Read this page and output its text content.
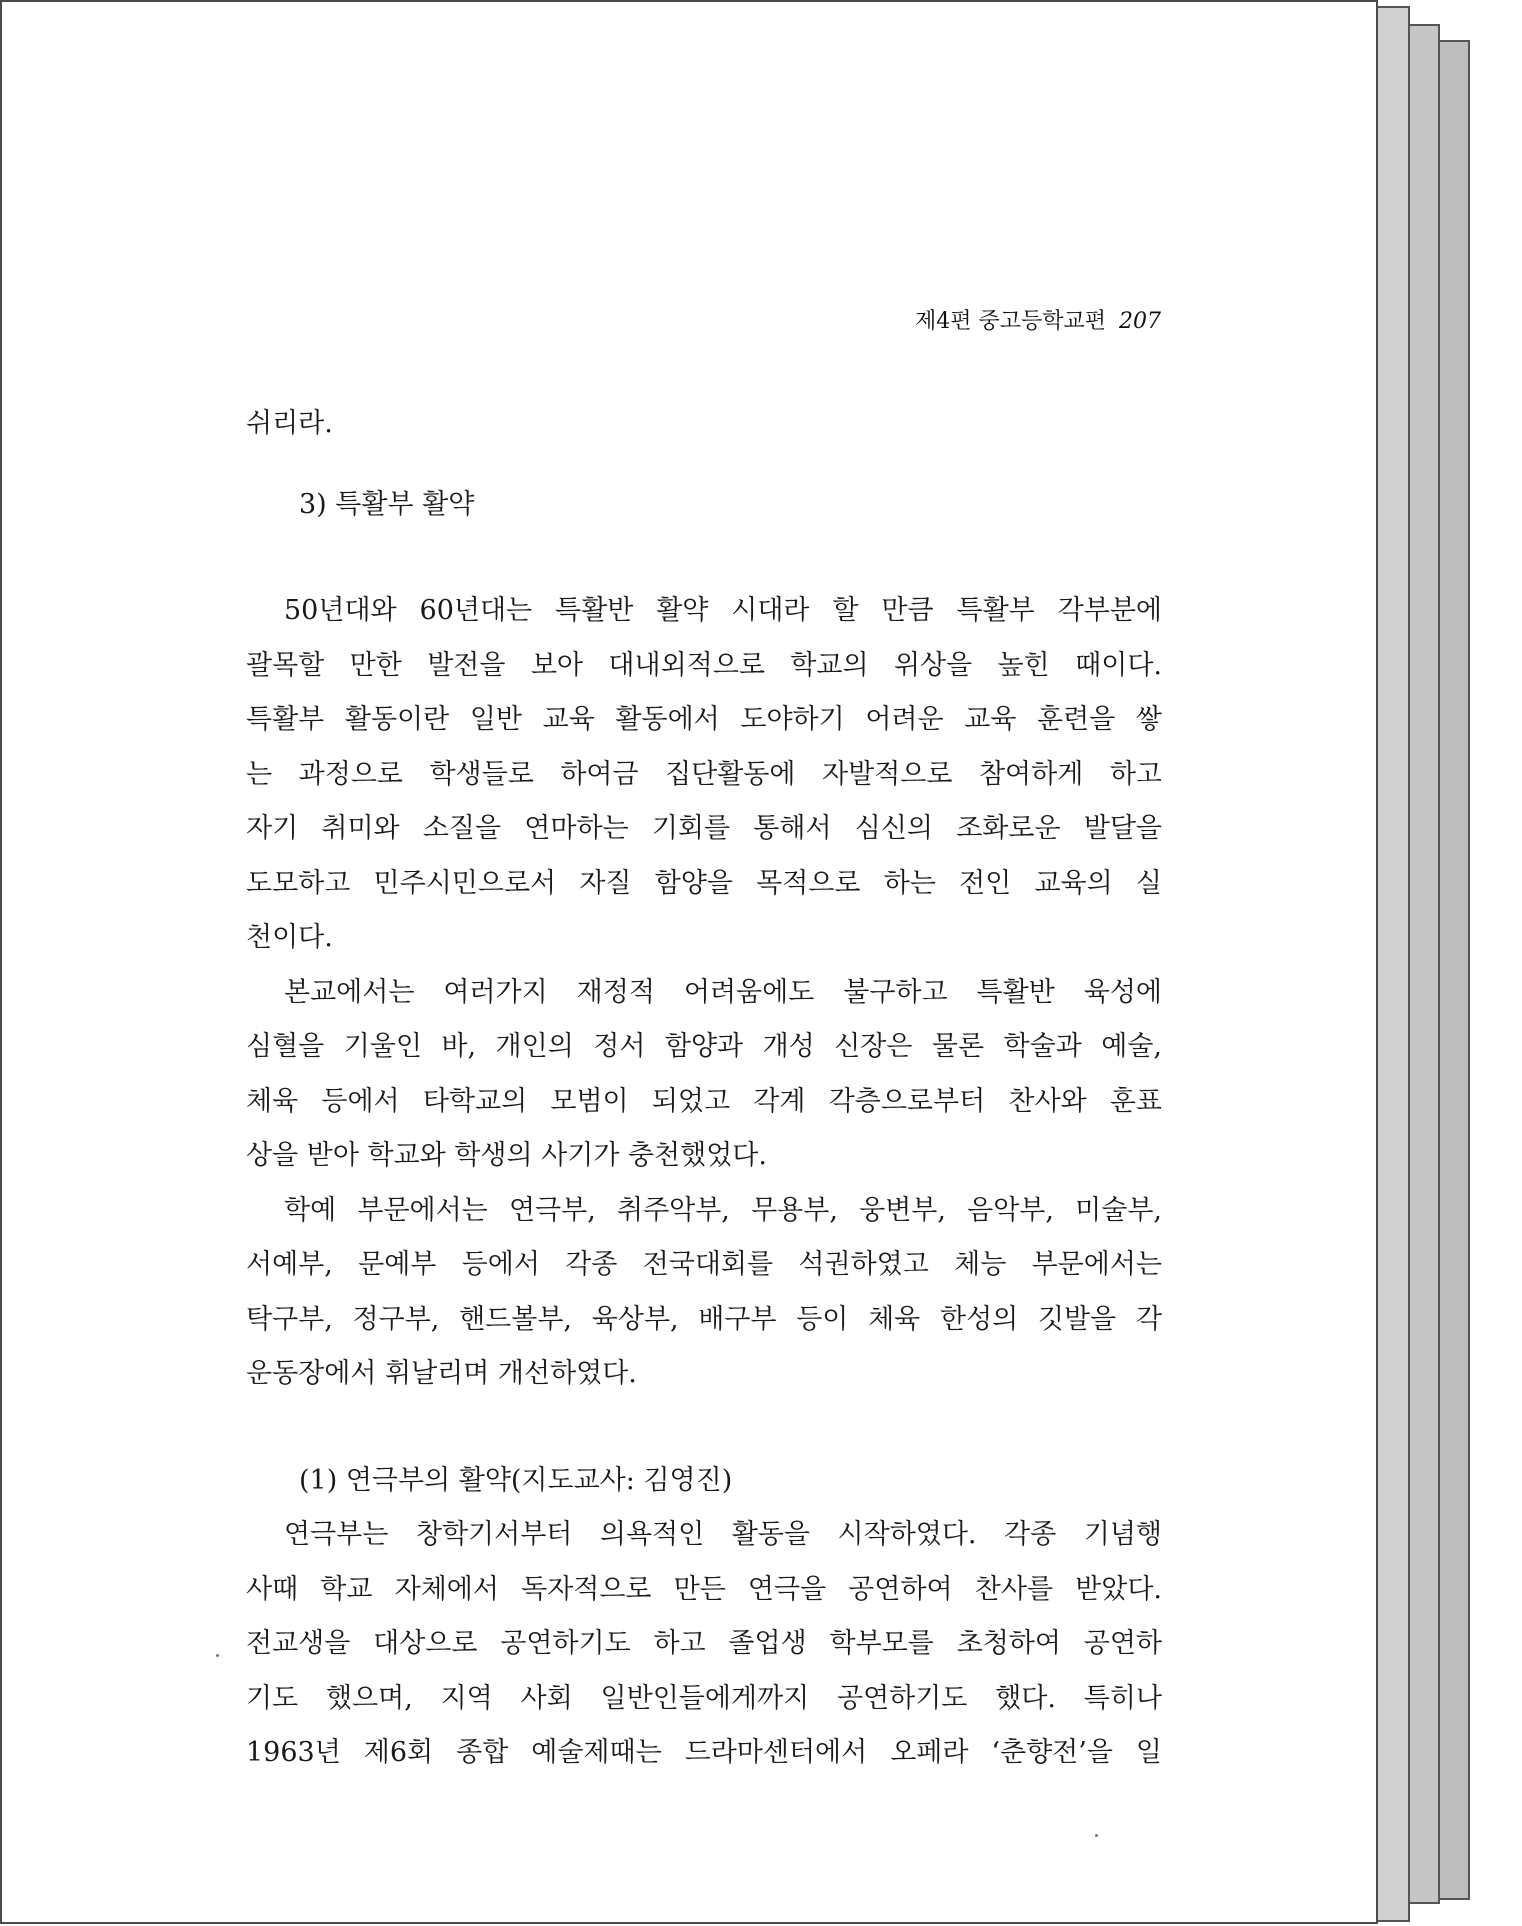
제4편 중고등학교편 207
쉬리라.
3) 특활부 활약
50년대와 60년대는 특활반 활약 시대라 할 만큼 특활부 각부분에
괄목할 만한 발전을 보아 대내외적으로 학교의 위상을 높힌 때이다.
특활부 활동이란 일반 교육 활동에서 도야하기 어려운 교육 훈련을 쌓
는 과정으로 학생들로 하여금 집단활동에 자발적으로 참여하게 하고
자기 취미와 소질을 연마하는 기회를 통해서 심신의 조화로운 발달을
도모하고 민주시민으로서 자질 함양을 목적으로 하는 전인 교육의 실
천이다.
본교에서는 여러가지 재정적 어려움에도 불구하고 특활반 육성에
심혈을 기울인 바, 개인의 정서 함양과 개성 신장은 물론 학술과 예술,
체육 등에서 타학교의 모범이 되었고 각계 각층으로부터 찬사와 훈표
상을 받아 학교와 학생의 사기가 충천했었다.
학예 부문에서는 연극부, 취주악부, 무용부, 웅변부, 음악부, 미술부,
서예부, 문예부 등에서 각종 전국대회를 석권하였고 체능 부문에서는
탁구부, 정구부, 핸드볼부, 육상부, 배구부 등이 체육 한성의 깃발을 각
운동장에서 휘날리며 개선하였다.
(1) 연극부의 활약(지도교사: 김영진)
연극부는 창학기서부터 의욕적인 활동을 시작하였다. 각종 기념행
사때 학교 자체에서 독자적으로 만든 연극을 공연하여 찬사를 받았다.
전교생을 대상으로 공연하기도 하고 졸업생 학부모를 초청하여 공연하
기도 했으며, 지역 사회 일반인들에게까지 공연하기도 했다. 특히나
1963년 제6회 종합 예술제때는 드라마센터에서 오페라 ‘춘향전’을 일
